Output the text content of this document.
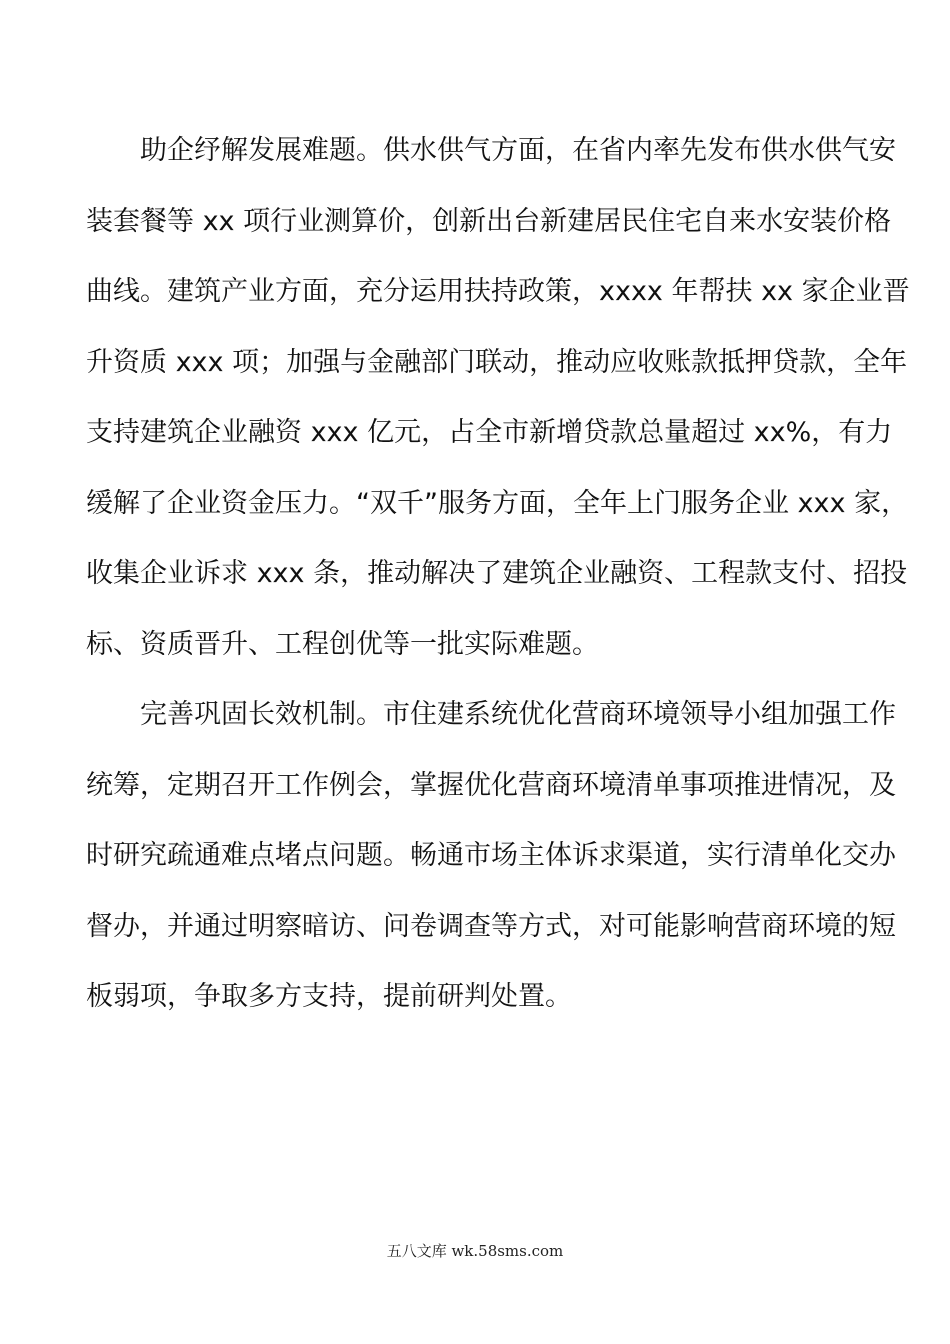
　　助企纾解发展难题。供水供气方面，在省内率先发布供水供气安
装套餐等 xx 项行业测算价，创新出台新建居民住宅自来水安装价格
曲线。建筑产业方面，充分运用扶持政策，xxxx 年帮扶 xx 家企业晋
升资质 xxx 项；加强与金融部门联动，推动应收账款抵押贷款，全年
支持建筑企业融资 xxx 亿元，占全市新增贷款总量超过 xx%，有力
缓解了企业资金压力。“双千”服务方面，全年上门服务企业 xxx 家，
收集企业诉求 xxx 条，推动解决了建筑企业融资、工程款支付、招投
标、资质晋升、工程创优等一批实际难题。
　　完善巩固长效机制。市住建系统优化营商环境领导小组加强工作
统筹，定期召开工作例会，掌握优化营商环境清单事项推进情况，及
时研究疏通难点堵点问题。畅通市场主体诉求渠道，实行清单化交办
督办，并通过明察暗访、问卷调查等方式，对可能影响营商环境的短
板弱项，争取多方支持，提前研判处置。
五八文库 wk.58sms.com
